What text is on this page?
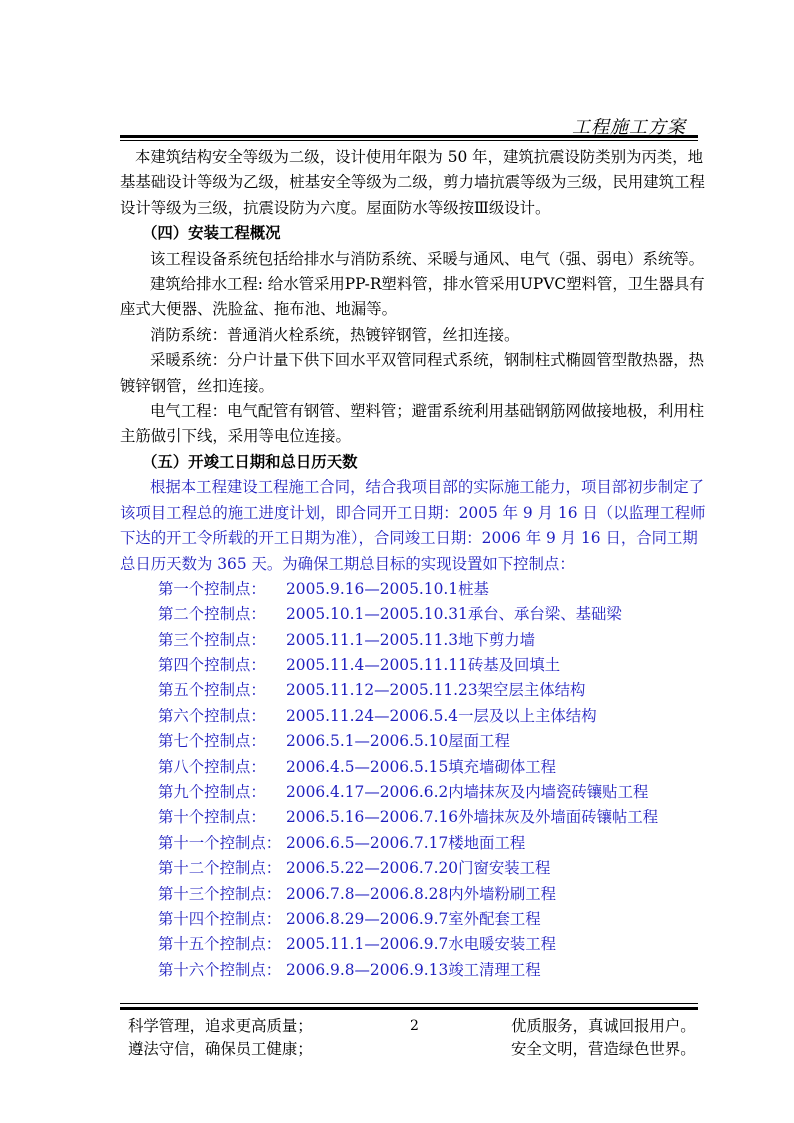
工程施工方案

本建筑结构安全等级为二级，设计使用年限为 50 年，建筑抗震设防类别为丙类，地基基础设计等级为乙级，桩基安全等级为二级，剪力墙抗震等级为三级，民用建筑工程设计等级为三级，抗震设防为六度。屋面防水等级按Ⅲ级设计。

（四）安装工程概况

该工程设备系统包括给排水与消防系统、采暖与通风、电气（强、弱电）系统等。

建筑给排水工程: 给水管采用PP-R塑料管，排水管采用UPVC塑料管，卫生器具有座式大便器、洗脸盆、拖布池、地漏等。

消防系统：普通消火栓系统，热镀锌钢管，丝扣连接。

采暖系统：分户计量下供下回水平双管同程式系统，钢制柱式椭圆管型散热器，热镀锌钢管，丝扣连接。

电气工程：电气配管有钢管、塑料管；避雷系统利用基础钢筋网做接地极，利用柱主筋做引下线，采用等电位连接。

（五）开竣工日期和总日历天数

根据本工程建设工程施工合同，结合我项目部的实际施工能力，项目部初步制定了该项目工程总的施工进度计划，即合同开工日期：2005 年 9 月 16 日（以监理工程师下达的开工令所载的开工日期为准），合同竣工日期：2006 年 9 月 16 日，合同工期总日历天数为 365 天。为确保工期总目标的实现设置如下控制点：

第一个控制点：	2005.9.16—2005.10.1 桩基
第二个控制点：	2005.10.1—2005.10.31 承台、承台梁、基础梁
第三个控制点：	2005.11.1—2005.11.3 地下剪力墙
第四个控制点：	2005.11.4—2005.11.11 砖基及回填土
第五个控制点：	2005.11.12—2005.11.23 架空层主体结构
第六个控制点：	2005.11.24—2006.5.4 一层及以上主体结构
第七个控制点：	2006.5.1—2006.5.10 屋面工程
第八个控制点：	2006.4.5—2006.5.15 填充墙砌体工程
第九个控制点：	2006.4.17—2006.6.2 内墙抹灰及内墙瓷砖镶贴工程
第十个控制点：	2006.5.16—2006.7.16 外墙抹灰及外墙面砖镶帖工程
第十一个控制点： 2006.6.5—2006.7.17 楼地面工程
第十二个控制点： 2006.5.22—2006.7.20 门窗安装工程
第十三个控制点： 2006.7.8—2006.8.28 内外墙粉刷工程
第十四个控制点： 2006.8.29—2006.9.7 室外配套工程
第十五个控制点： 2005.11.1—2006.9.7 水电暖安装工程
第十六个控制点： 2006.9.8—2006.9.13 竣工清理工程
科学管理，追求更高质量；
遵法守信，确保员工健康；
2	优质服务，真诚回报用户。
安全文明，营造绿色世界。
